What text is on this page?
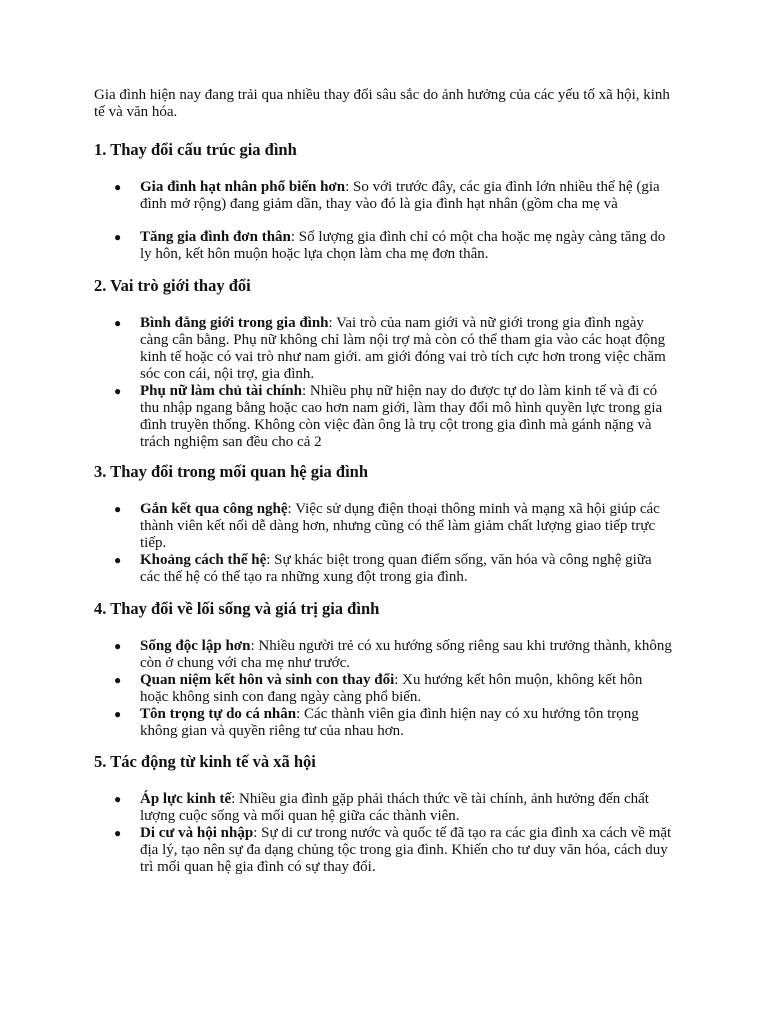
Gia đình hiện nay đang trải qua nhiều thay đổi sâu sắc do ảnh hưởng của các yếu tố xã hội, kinh tế và văn hóa.

1. Thay đổi cấu trúc gia đình
● Gia đình hạt nhân phổ biến hơn: So với trước đây, các gia đình lớn nhiều thế hệ (gia đình mở rộng) đang giảm dần, thay vào đó là gia đình hạt nhân (gồm cha mẹ và
● Tăng gia đình đơn thân: Số lượng gia đình chỉ có một cha hoặc mẹ ngày càng tăng do ly hôn, kết hôn muộn hoặc lựa chọn làm cha mẹ đơn thân.
2. Vai trò giới thay đổi
● Bình đẳng giới trong gia đình: Vai trò của nam giới và nữ giới trong gia đình ngày càng cân bằng. Phụ nữ không chỉ làm nội trợ mà còn có thể tham gia vào các hoạt động kinh tế hoặc có vai trò như nam giới. am giới đóng vai trò tích cực hơn trong việc chăm sóc con cái, nội trợ, gia đình.
● Phụ nữ làm chủ tài chính: Nhiều phụ nữ hiện nay do được tự do làm kinh tế và đi có thu nhập ngang bằng hoặc cao hơn nam giới, làm thay đổi mô hình quyền lực trong gia đình truyền thống. Không còn việc đàn ông là trụ cột trong gia đình mà gánh nặng và trách nghiệm san đều cho cả 2
3. Thay đổi trong mối quan hệ gia đình
● Gắn kết qua công nghệ: Việc sử dụng điện thoại thông minh và mạng xã hội giúp các thành viên kết nối dễ dàng hơn, nhưng cũng có thể làm giảm chất lượng giao tiếp trực tiếp.
● Khoảng cách thế hệ: Sự khác biệt trong quan điểm sống, văn hóa và công nghệ giữa các thế hệ có thể tạo ra những xung đột trong gia đình.
4. Thay đổi về lối sống và giá trị gia đình
● Sống độc lập hơn: Nhiều người trẻ có xu hướng sống riêng sau khi trưởng thành, không còn ở chung với cha mẹ như trước.
● Quan niệm kết hôn và sinh con thay đổi: Xu hướng kết hôn muộn, không kết hôn hoặc không sinh con đang ngày càng phổ biến.
● Tôn trọng tự do cá nhân: Các thành viên gia đình hiện nay có xu hướng tôn trọng không gian và quyền riêng tư của nhau hơn.
5. Tác động từ kinh tế và xã hội
● Áp lực kinh tế: Nhiều gia đình gặp phải thách thức về tài chính, ảnh hưởng đến chất lượng cuộc sống và mối quan hệ giữa các thành viên.
● Di cư và hội nhập: Sự di cư trong nước và quốc tế đã tạo ra các gia đình xa cách về mặt địa lý, tạo nên sự đa dạng chủng tộc trong gia đình. Khiến cho tư duy văn hóa, cách duy trì mối quan hệ gia đình có sự thay đổi.
